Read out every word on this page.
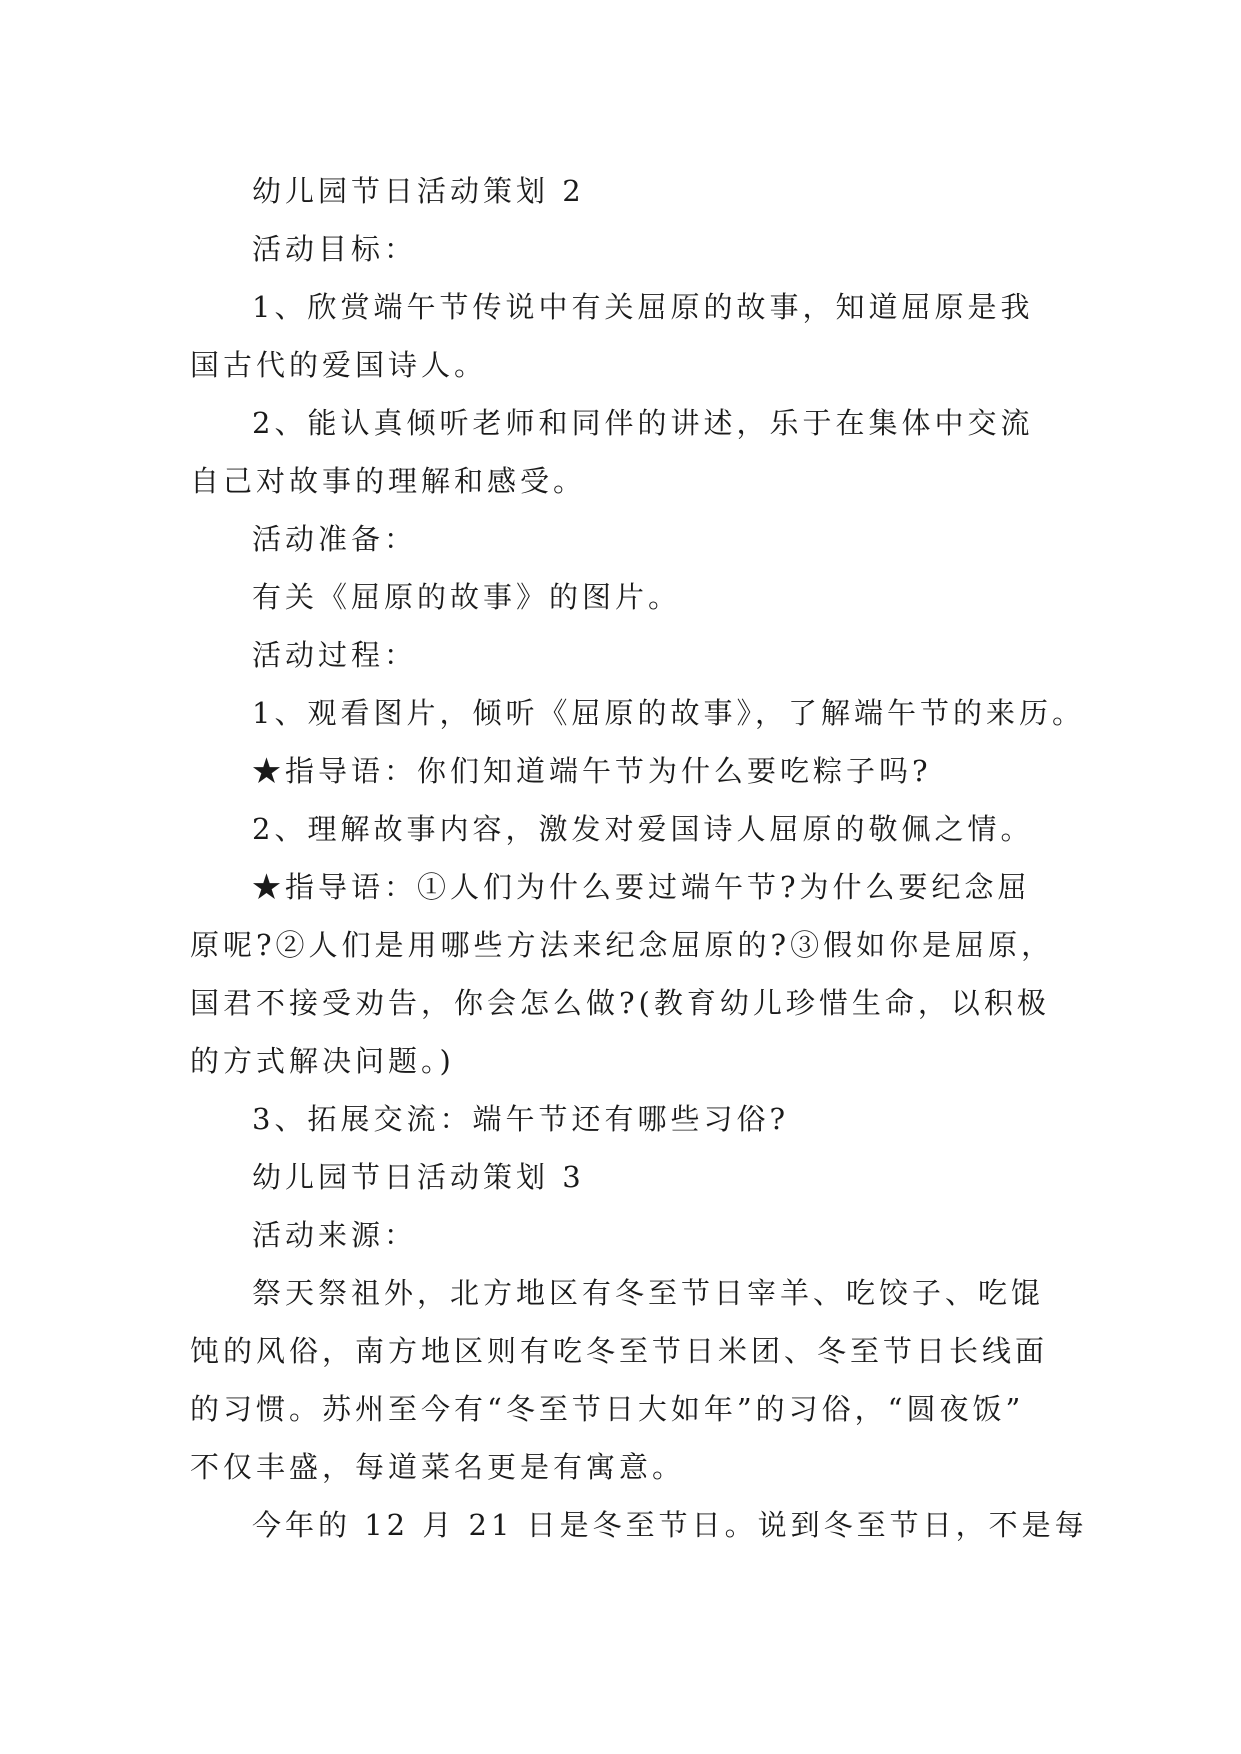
幼儿园节日活动策划 2

活动目标：

1、欣赏端午节传说中有关屈原的故事，知道屈原是我

国古代的爱国诗人。

2、能认真倾听老师和同伴的讲述，乐于在集体中交流

自己对故事的理解和感受。

活动准备：

有关《屈原的故事》的图片。

活动过程：

1、观看图片，倾听《屈原的故事》，了解端午节的来历。

★指导语：你们知道端午节为什么要吃粽子吗?

2、理解故事内容，激发对爱国诗人屈原的敬佩之情。

★指导语：①人们为什么要过端午节?为什么要纪念屈

原呢?②人们是用哪些方法来纪念屈原的?③假如你是屈原，

国君不接受劝告，你会怎么做?(教育幼儿珍惜生命，以积极

的方式解决问题。)

3、拓展交流：端午节还有哪些习俗?

幼儿园节日活动策划 3

活动来源：

祭天祭祖外，北方地区有冬至节日宰羊、吃饺子、吃馄

饨的风俗，南方地区则有吃冬至节日米团、冬至节日长线面

的习惯。苏州至今有“冬至节日大如年”的习俗，“圆夜饭”

不仅丰盛，每道菜名更是有寓意。

今年的 12 月 21 日是冬至节日。说到冬至节日，不是每
